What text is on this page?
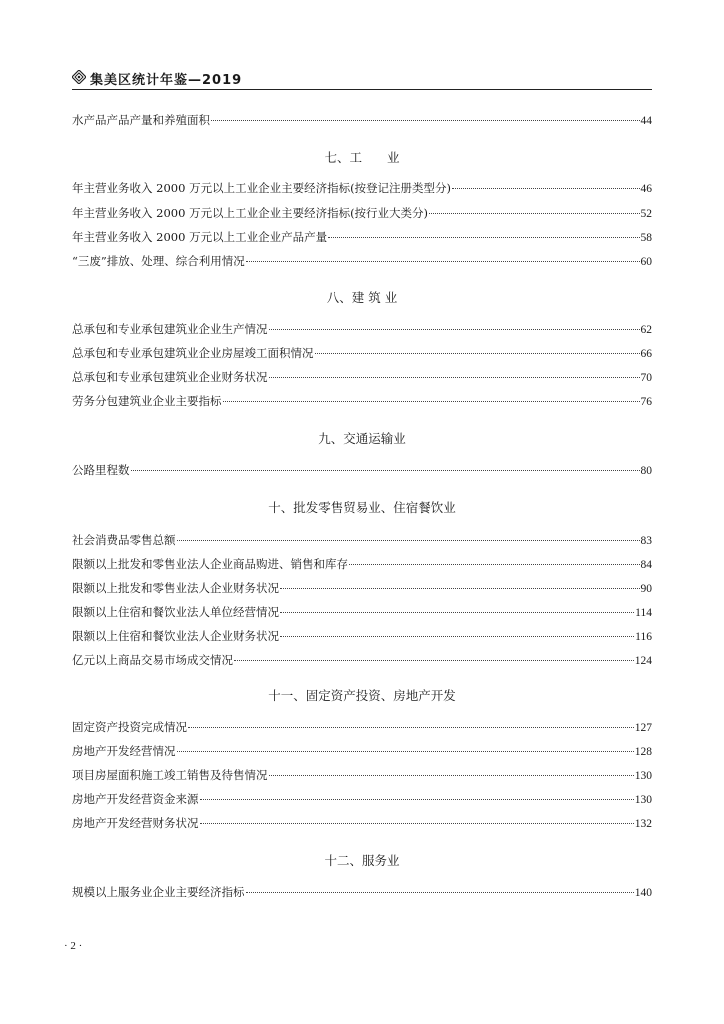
集美区统计年鉴—2019
水产品产品产量和养殖面积	44
七、工　　业
年主营业务收入 2000 万元以上工业企业主要经济指标(按登记注册类型分)	46
年主营业务收入 2000 万元以上工业企业主要经济指标(按行业大类分)	52
年主营业务收入 2000 万元以上工业企业产品产量	58
“三废”排放、处理、综合利用情况	60
八、建 筑 业
总承包和专业承包建筑业企业生产情况	62
总承包和专业承包建筑业企业房屋竣工面积情况	66
总承包和专业承包建筑业企业财务状况	70
劳务分包建筑业企业主要指标	76
九、交通运输业
公路里程数	80
十、批发零售贸易业、住宿餐饮业
社会消费品零售总额	83
限额以上批发和零售业法人企业商品购进、销售和库存	84
限额以上批发和零售业法人企业财务状况	90
限额以上住宿和餐饮业法人单位经营情况	114
限额以上住宿和餐饮业法人企业财务状况	116
亿元以上商品交易市场成交情况	124
十一、固定资产投资、房地产开发
固定资产投资完成情况	127
房地产开发经营情况	128
项目房屋面积施工竣工销售及待售情况	130
房地产开发经营资金来源	130
房地产开发经营财务状况	132
十二、服务业
规模以上服务业企业主要经济指标	140
· 2 ·
